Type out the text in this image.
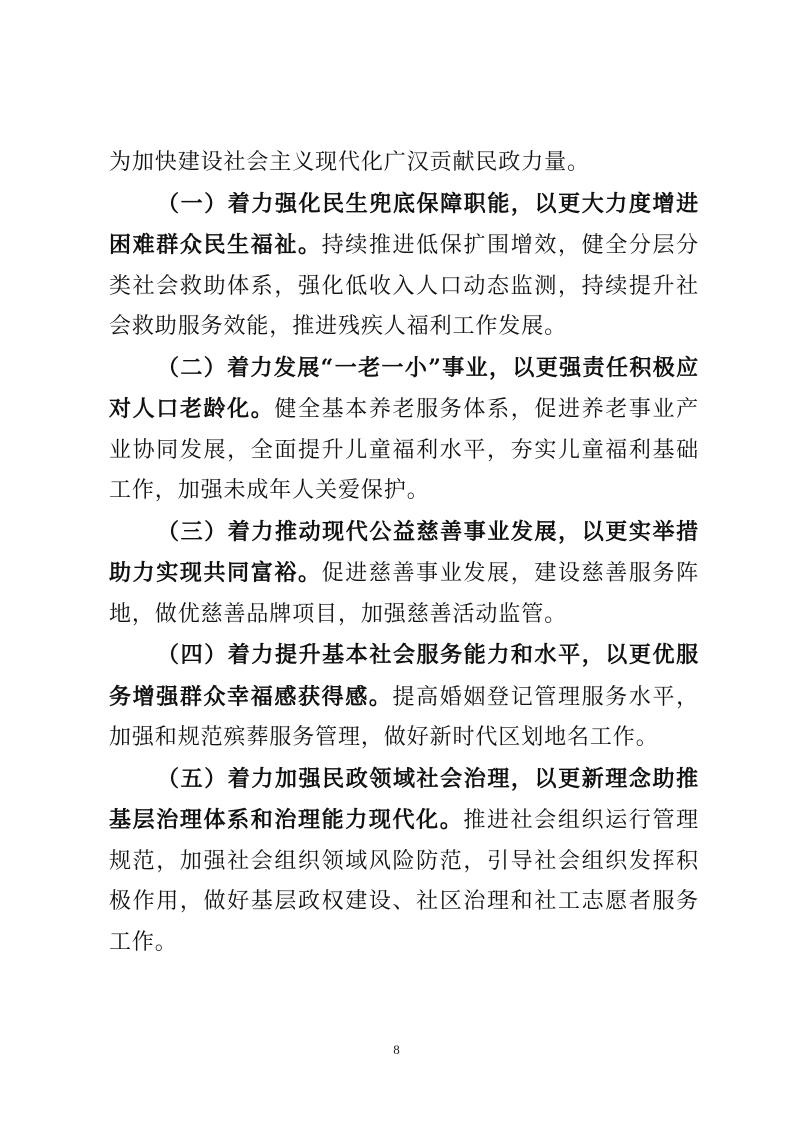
为加快建设社会主义现代化广汉贡献民政力量。

（一）着力强化民生兜底保障职能，以更大力度增进困难群众民生福祉。持续推进低保扩围增效，健全分层分类社会救助体系，强化低收入人口动态监测，持续提升社会救助服务效能，推进残疾人福利工作发展。

（二）着力发展“一老一小”事业，以更强责任积极应对人口老龄化。健全基本养老服务体系，促进养老事业产业协同发展，全面提升儿童福利水平，夯实儿童福利基础工作，加强未成年人关爱保护。

（三）着力推动现代公益慈善事业发展，以更实举措助力实现共同富裕。促进慈善事业发展，建设慈善服务阵地，做优慈善品牌项目，加强慈善活动监管。

（四）着力提升基本社会服务能力和水平，以更优服务增强群众幸福感获得感。提高婚姻登记管理服务水平，加强和规范殡葬服务管理，做好新时代区划地名工作。

（五）着力加强民政领域社会治理，以更新理念助推基层治理体系和治理能力现代化。推进社会组织运行管理规范，加强社会组织领域风险防范，引导社会组织发挥积极作用，做好基层政权建设、社区治理和社工志愿者服务工作。

8
